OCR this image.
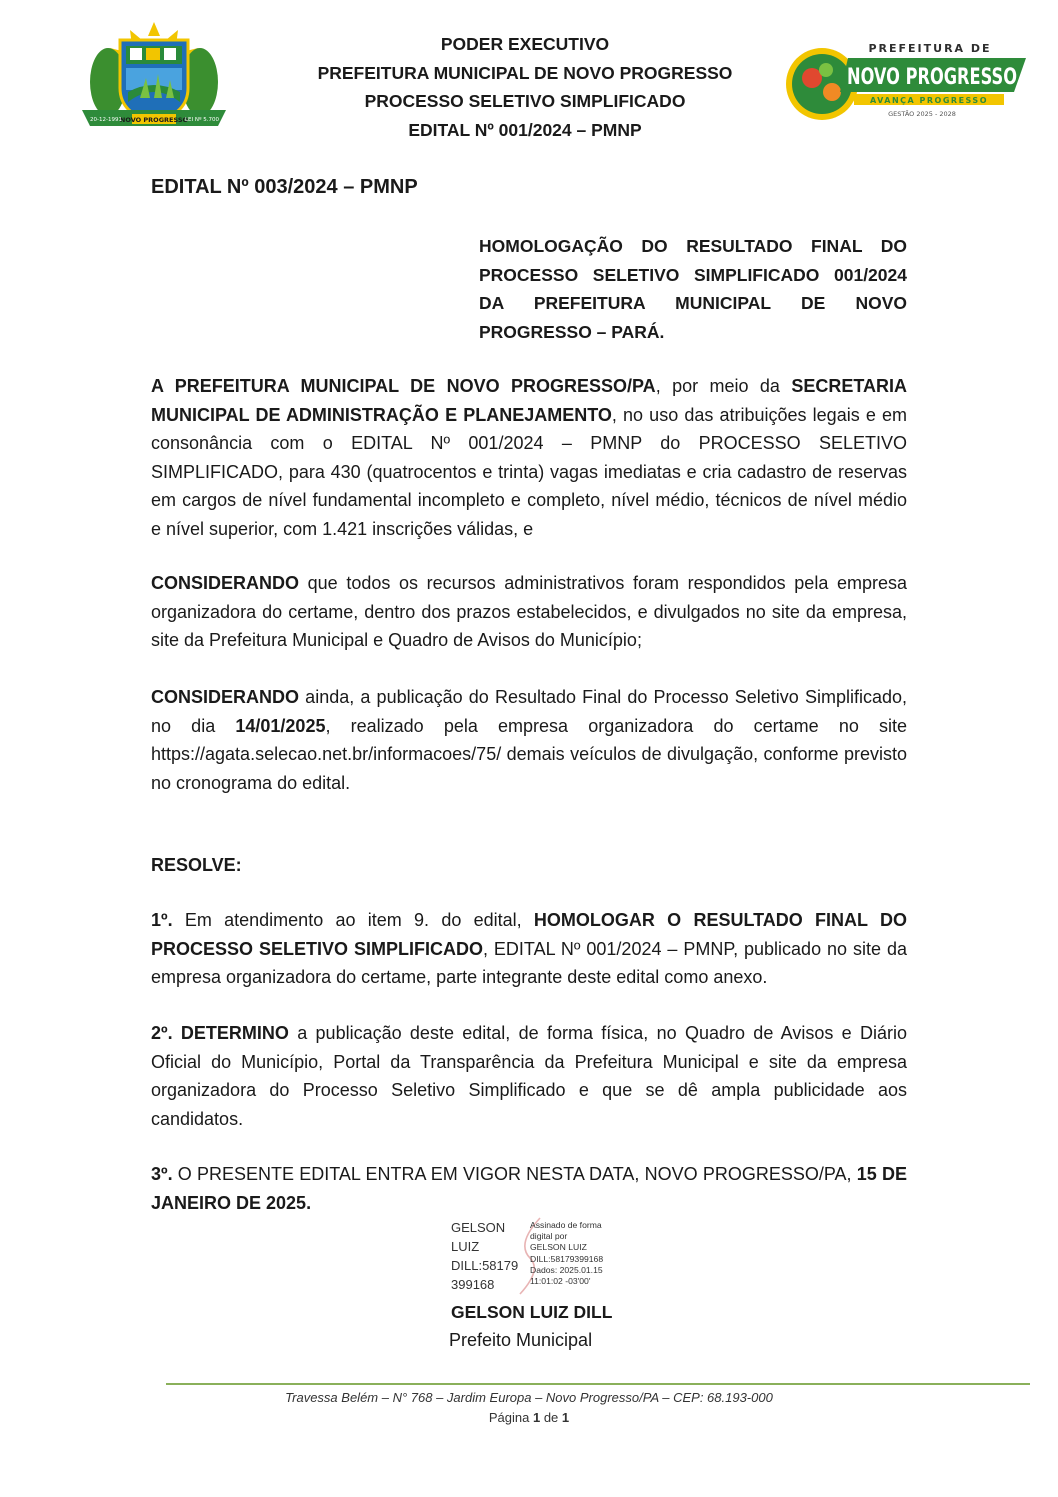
NOVO PROGRESSO
20-12-1991	LEI Nº 5.700
PODER EXECUTIVO
PREFEITURA MUNICIPAL DE NOVO PROGRESSO
PROCESSO SELETIVO SIMPLIFICADO
EDITAL Nº 001/2024 – PMNP
PREFEITURA DE
NOVO PROGRESSO
AVANÇA PROGRESSO
GESTÃO 2025 - 2028
EDITAL Nº 003/2024 – PMNP
HOMOLOGAÇÃO DO RESULTADO FINAL DO PROCESSO SELETIVO SIMPLIFICADO 001/2024 DA PREFEITURA MUNICIPAL DE NOVO PROGRESSO – PARÁ.
A PREFEITURA MUNICIPAL DE NOVO PROGRESSO/PA, por meio da SECRETARIA MUNICIPAL DE ADMINISTRAÇÃO E PLANEJAMENTO, no uso das atribuições legais e em consonância com o EDITAL Nº 001/2024 – PMNP do PROCESSO SELETIVO SIMPLIFICADO, para 430 (quatrocentos e trinta) vagas imediatas e cria cadastro de reservas em cargos de nível fundamental incompleto e completo, nível médio, técnicos de nível médio e nível superior, com 1.421 inscrições válidas, e
CONSIDERANDO que todos os recursos administrativos foram respondidos pela empresa organizadora do certame, dentro dos prazos estabelecidos, e divulgados no site da empresa, site da Prefeitura Municipal e Quadro de Avisos do Município;
CONSIDERANDO ainda, a publicação do Resultado Final do Processo Seletivo Simplificado, no dia 14/01/2025, realizado pela empresa organizadora do certame no site https://agata.selecao.net.br/informacoes/75/ demais veículos de divulgação, conforme previsto no cronograma do edital.
RESOLVE:
1º. Em atendimento ao item 9. do edital, HOMOLOGAR O RESULTADO FINAL DO PROCESSO SELETIVO SIMPLIFICADO, EDITAL Nº 001/2024 – PMNP, publicado no site da empresa organizadora do certame, parte integrante deste edital como anexo.
2º. DETERMINO a publicação deste edital, de forma física, no Quadro de Avisos e Diário Oficial do Município, Portal da Transparência da Prefeitura Municipal e site da empresa organizadora do Processo Seletivo Simplificado e que se dê ampla publicidade aos candidatos.
3º. O PRESENTE EDITAL ENTRA EM VIGOR NESTA DATA, NOVO PROGRESSO/PA, 15 DE JANEIRO DE 2025.
GELSON
LUIZ
DILL:58179
399168
Assinado de forma
digital por
GELSON LUIZ
DILL:58179399168
Dados: 2025.01.15
11:01:02 -03'00'
GELSON LUIZ DILL
Prefeito Municipal
Travessa Belém – N° 768 – Jardim Europa – Novo Progresso/PA – CEP: 68.193-000
Página 1 de 1
